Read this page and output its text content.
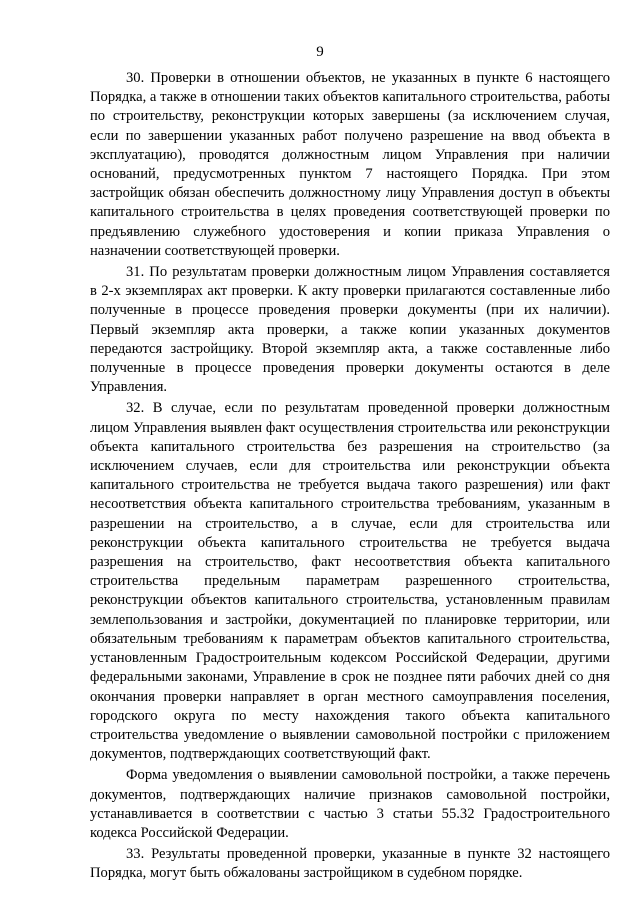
9

30. Проверки в отношении объектов, не указанных в пункте 6 настоящего Порядка, а также в отношении таких объектов капитального строительства, работы по строительству, реконструкции которых завершены (за исключением случая, если по завершении указанных работ получено разрешение на ввод объекта в эксплуатацию), проводятся должностным лицом Управления при наличии оснований, предусмотренных пунктом 7 настоящего Порядка. При этом застройщик обязан обеспечить должностному лицу Управления доступ в объекты капитального строительства в целях проведения соответствующей проверки по предъявлению служебного удостоверения и копии приказа Управления о назначении соответствующей проверки.

31. По результатам проверки должностным лицом Управления составляется в 2-х экземплярах акт проверки. К акту проверки прилагаются составленные либо полученные в процессе проведения проверки документы (при их наличии). Первый экземпляр акта проверки, а также копии указанных документов передаются застройщику. Второй экземпляр акта, а также составленные либо полученные в процессе проведения проверки документы остаются в деле Управления.

32. В случае, если по результатам проведенной проверки должностным лицом Управления выявлен факт осуществления строительства или реконструкции объекта капитального строительства без разрешения на строительство (за исключением случаев, если для строительства или реконструкции объекта капитального строительства не требуется выдача такого разрешения) или факт несоответствия объекта капитального строительства требованиям, указанным в разрешении на строительство, а в случае, если для строительства или реконструкции объекта капитального строительства не требуется выдача разрешения на строительство, факт несоответствия объекта капитального строительства предельным параметрам разрешенного строительства, реконструкции объектов капитального строительства, установленным правилам землепользования и застройки, документацией по планировке территории, или обязательным требованиям к параметрам объектов капитального строительства, установленным Градостроительным кодексом Российской Федерации, другими федеральными законами, Управление в срок не позднее пяти рабочих дней со дня окончания проверки направляет в орган местного самоуправления поселения, городского округа по месту нахождения такого объекта капитального строительства уведомление о выявлении самовольной постройки с приложением документов, подтверждающих соответствующий факт.

Форма уведомления о выявлении самовольной постройки, а также перечень документов, подтверждающих наличие признаков самовольной постройки, устанавливается в соответствии с частью 3 статьи 55.32 Градостроительного кодекса Российской Федерации.

33. Результаты проведенной проверки, указанные в пункте 32 настоящего Порядка, могут быть обжалованы застройщиком в судебном порядке.
